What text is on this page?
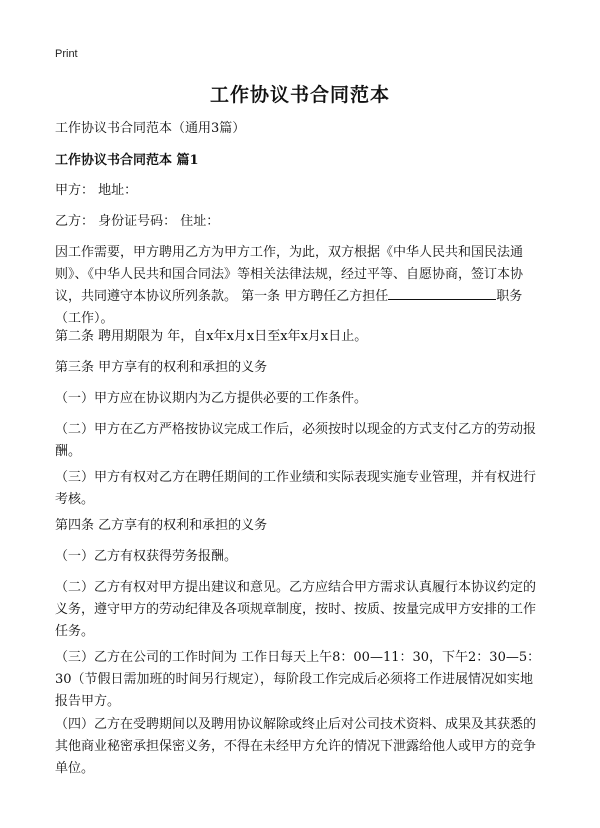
Print
工作协议书合同范本

工作协议书合同范本（通用3篇）

工作协议书合同范本 篇1

甲方： 地址：

乙方： 身份证号码： 住址：

因工作需要，甲方聘用乙方为甲方工作，为此，双方根据《中华人民共和国民法通则》、《中华人民共和国合同法》等相关法律法规，经过平等、自愿协商，签订本协议，共同遵守本协议所列条款。 第一条 甲方聘任乙方担任	职务（工作）。

第二条 聘用期限为 年，自x年x月x日至x年x月x日止。

第三条 甲方享有的权利和承担的义务

（一）甲方应在协议期内为乙方提供必要的工作条件。

（二）甲方在乙方严格按协议完成工作后，必须按时以现金的方式支付乙方的劳动报酬。

（三）甲方有权对乙方在聘任期间的工作业绩和实际表现实施专业管理，并有权进行考核。

第四条 乙方享有的权利和承担的义务

（一）乙方有权获得劳务报酬。

（二）乙方有权对甲方提出建议和意见。乙方应结合甲方需求认真履行本协议约定的义务，遵守甲方的劳动纪律及各项规章制度，按时、按质、按量完成甲方安排的工作任务。

（三）乙方在公司的工作时间为 工作日每天上午8：00—11：30，下午2：30—5：30（节假日需加班的时间另行规定），每阶段工作完成后必须将工作进展情况如实地报告甲方。

（四）乙方在受聘期间以及聘用协议解除或终止后对公司技术资料、成果及其获悉的其他商业秘密承担保密义务，不得在未经甲方允许的情况下泄露给他人或甲方的竞争单位。
